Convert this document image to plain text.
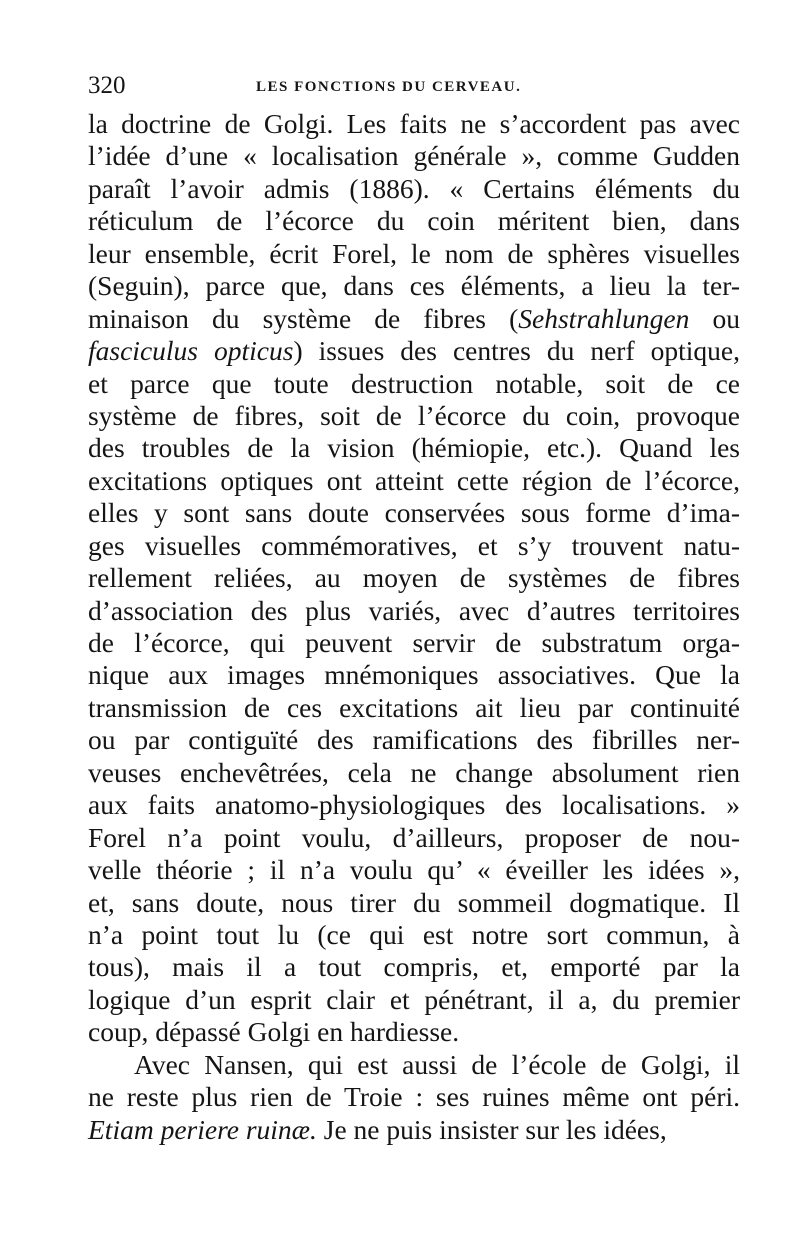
320	LES FONCTIONS DU CERVEAU.
la doctrine de Golgi. Les faits ne s’accordent pas avec
l’idée d’une « localisation générale », comme Gudden
paraît l’avoir admis (1886). « Certains éléments du
réticulum de l’écorce du coin méritent bien, dans
leur ensemble, écrit Forel, le nom de sphères visuelles
(Seguin), parce que, dans ces éléments, a lieu la ter-
minaison du système de fibres (Sehstrahlungen ou
fasciculus opticus) issues des centres du nerf optique,
et parce que toute destruction notable, soit de ce
système de fibres, soit de l’écorce du coin, provoque
des troubles de la vision (hémiopie, etc.). Quand les
excitations optiques ont atteint cette région de l’écorce,
elles y sont sans doute conservées sous forme d’ima-
ges visuelles commémoratives, et s’y trouvent natu-
rellement reliées, au moyen de systèmes de fibres
d’association des plus variés, avec d’autres territoires
de l’écorce, qui peuvent servir de substratum orga-
nique aux images mnémoniques associatives. Que la
transmission de ces excitations ait lieu par continuité
ou par contiguïté des ramifications des fibrilles ner-
veuses enchevêtrées, cela ne change absolument rien
aux faits anatomo-physiologiques des localisations. »
Forel n’a point voulu, d’ailleurs, proposer de nou-
velle théorie ; il n’a voulu qu’ « éveiller les idées »,
et, sans doute, nous tirer du sommeil dogmatique. Il
n’a point tout lu (ce qui est notre sort commun, à
tous), mais il a tout compris, et, emporté par la
logique d’un esprit clair et pénétrant, il a, du premier
coup, dépassé Golgi en hardiesse.
Avec Nansen, qui est aussi de l’école de Golgi, il
ne reste plus rien de Troie : ses ruines même ont péri.
Etiam periere ruinæ. Je ne puis insister sur les idées,
